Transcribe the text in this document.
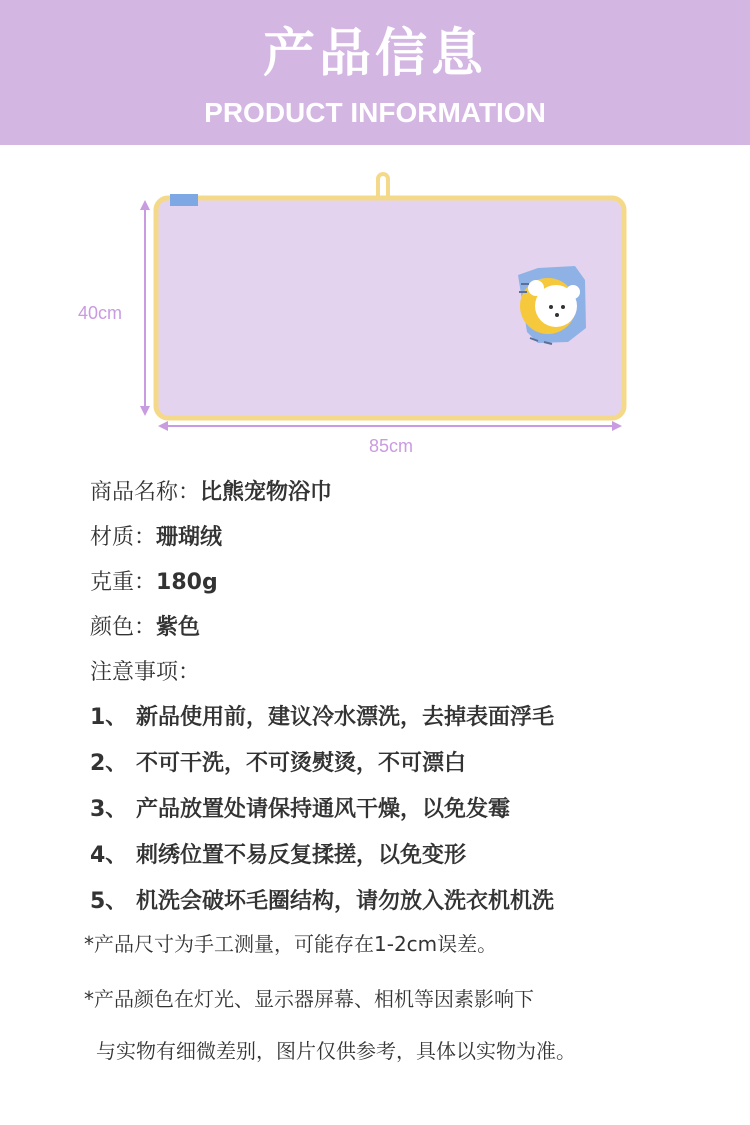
产品信息
PRODUCT INFORMATION
40cm
85cm
商品名称：比熊宠物浴巾
材质：珊瑚绒
克重：180g
颜色：紫色
注意事项：
1、 新品使用前，建议冷水漂洗，去掉表面浮毛
2、 不可干洗，不可烫熨烫，不可漂白
3、 产品放置处请保持通风干燥，以免发霉
4、 刺绣位置不易反复揉搓，以免变形
5、 机洗会破坏毛圈结构，请勿放入洗衣机机洗
*产品尺寸为手工测量，可能存在1-2cm误差。
*产品颜色在灯光、显示器屏幕、相机等因素影响下
与实物有细微差别，图片仅供参考，具体以实物为准。
